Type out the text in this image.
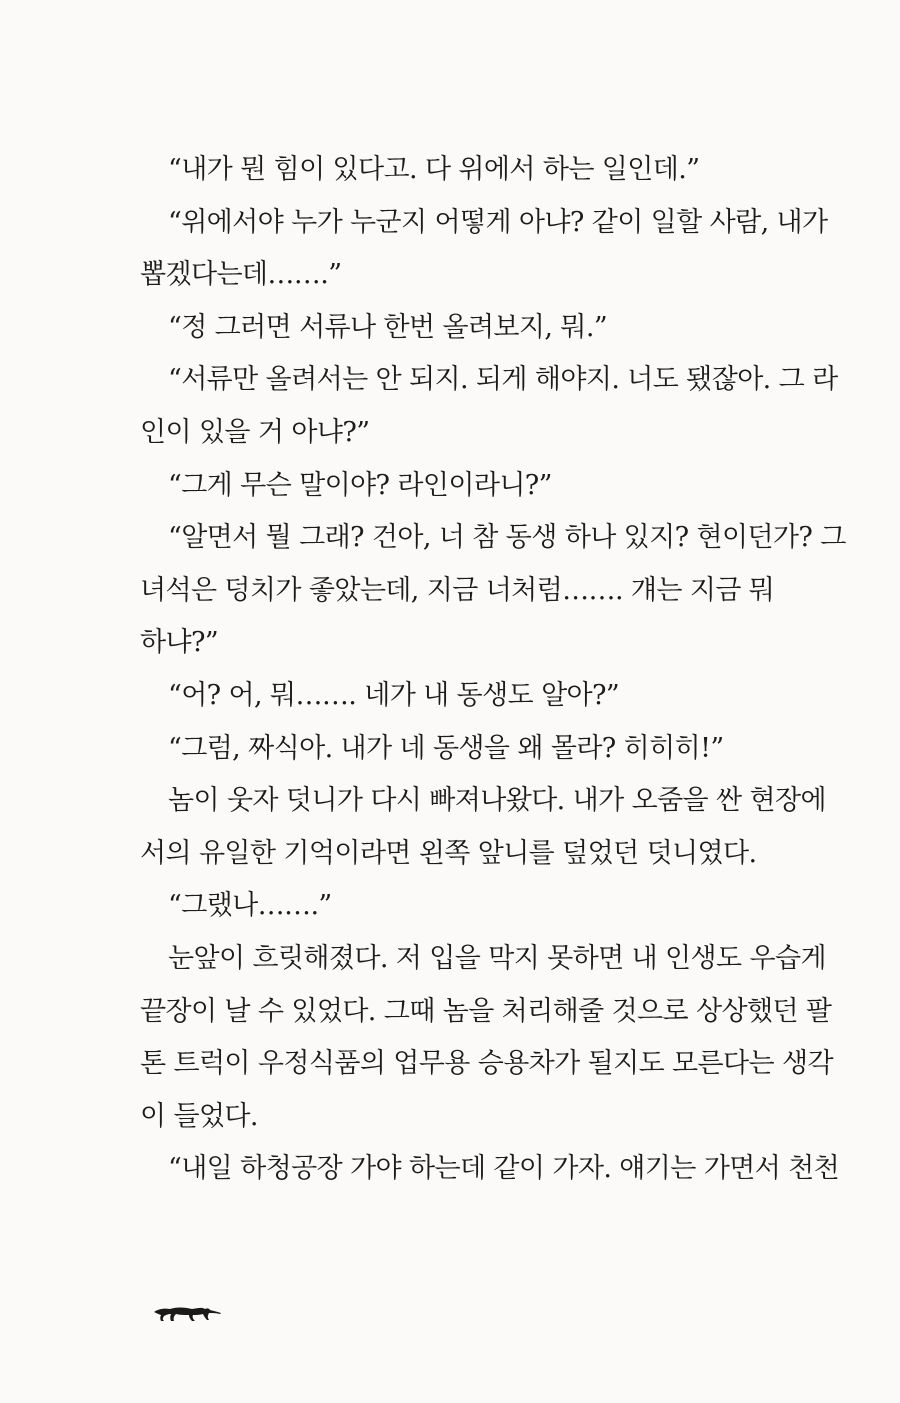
“내가 뭔 힘이 있다고. 다 위에서 하는 일인데.”
“위에서야 누가 누군지 어떻게 아냐? 같이 일할 사람, 내가
뽑겠다는데…….”
“정 그러면 서류나 한번 올려보지, 뭐.”
“서류만 올려서는 안 되지. 되게 해야지. 너도 됐잖아. 그 라
인이 있을 거 아냐?”
“그게 무슨 말이야? 라인이라니?”
“알면서 뭘 그래? 건아, 너 참 동생 하나 있지? 현이던가? 그
녀석은 덩치가 좋았는데, 지금 너처럼……. 걔는 지금 뭐
하냐?”
“어? 어, 뭐……. 네가 내 동생도 알아?”
“그럼, 짜식아. 내가 네 동생을 왜 몰라? 히히히!”
놈이 웃자 덧니가 다시 빠져나왔다. 내가 오줌을 싼 현장에
서의 유일한 기억이라면 왼쪽 앞니를 덮었던 덧니였다.
“그랬나…….”
눈앞이 흐릿해졌다. 저 입을 막지 못하면 내 인생도 우습게
끝장이 날 수 있었다. 그때 놈을 처리해줄 것으로 상상했던 팔
톤 트럭이 우정식품의 업무용 승용차가 될지도 모른다는 생각
이 들었다.
“내일 하청공장 가야 하는데 같이 가자. 얘기는 가면서 천천
